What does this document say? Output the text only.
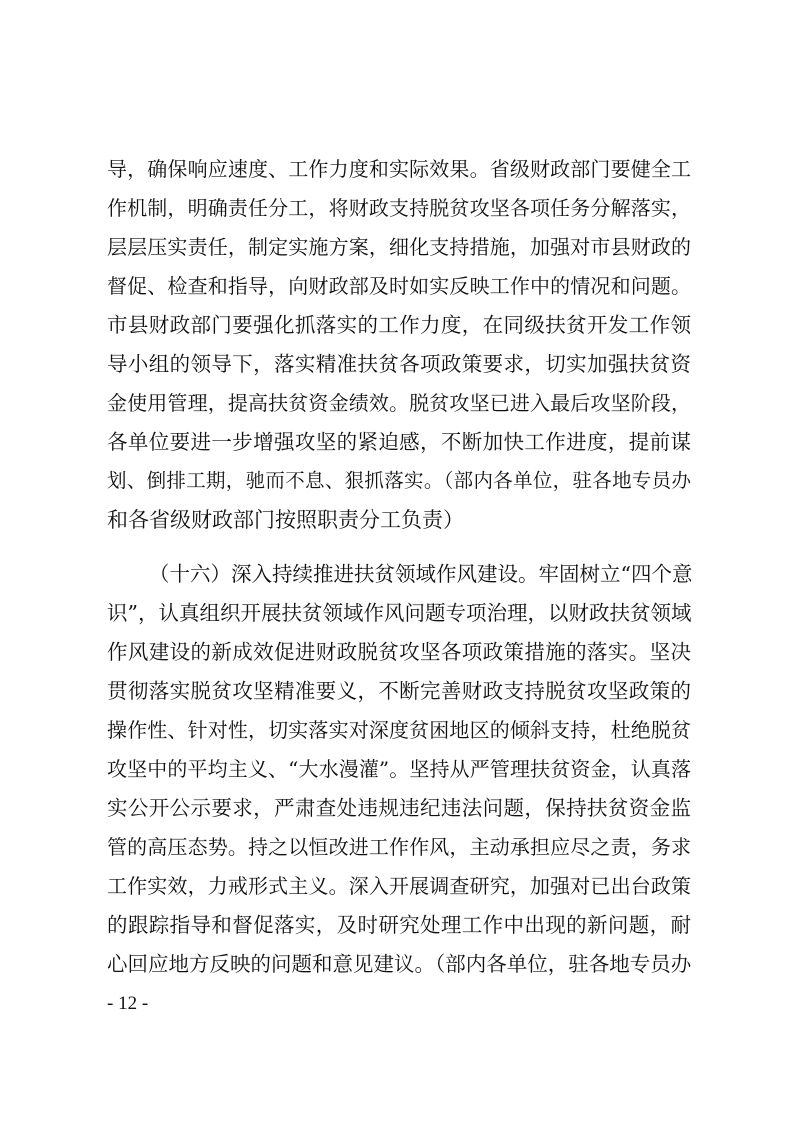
导，确保响应速度、工作力度和实际效果。省级财政部门要健全工
作机制，明确责任分工，将财政支持脱贫攻坚各项任务分解落实，
层层压实责任，制定实施方案，细化支持措施，加强对市县财政的
督促、检查和指导，向财政部及时如实反映工作中的情况和问题。
市县财政部门要强化抓落实的工作力度，在同级扶贫开发工作领
导小组的领导下，落实精准扶贫各项政策要求，切实加强扶贫资
金使用管理，提高扶贫资金绩效。脱贫攻坚已进入最后攻坚阶段，
各单位要进一步增强攻坚的紧迫感，不断加快工作进度，提前谋
划、倒排工期，驰而不息、狠抓落实。（部内各单位，驻各地专员办
和各省级财政部门按照职责分工负责）
（十六）深入持续推进扶贫领域作风建设。牢固树立“四个意
识”，认真组织开展扶贫领域作风问题专项治理，以财政扶贫领域
作风建设的新成效促进财政脱贫攻坚各项政策措施的落实。坚决
贯彻落实脱贫攻坚精准要义，不断完善财政支持脱贫攻坚政策的
操作性、针对性，切实落实对深度贫困地区的倾斜支持，杜绝脱贫
攻坚中的平均主义、“大水漫灌”。坚持从严管理扶贫资金，认真落
实公开公示要求，严肃查处违规违纪违法问题，保持扶贫资金监
管的高压态势。持之以恒改进工作作风，主动承担应尽之责，务求
工作实效，力戒形式主义。深入开展调查研究，加强对已出台政策
的跟踪指导和督促落实，及时研究处理工作中出现的新问题，耐
心回应地方反映的问题和意见建议。（部内各单位，驻各地专员办
- 12 -
